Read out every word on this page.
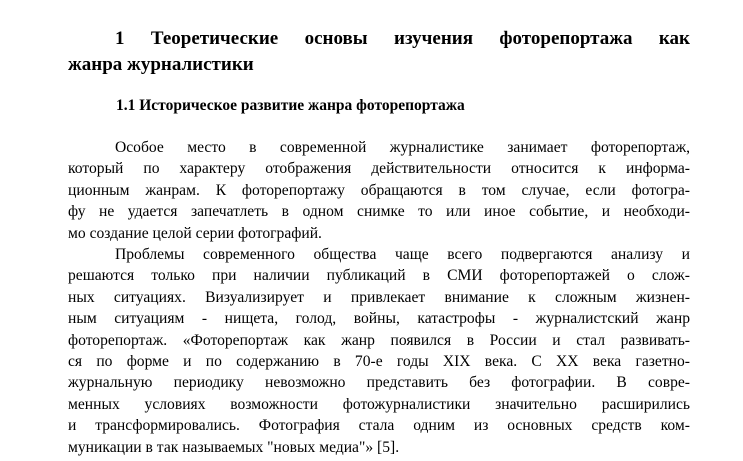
1 Теоретические основы изучения фоторепортажа как
жанра журналистики
1.1 Историческое развитие жанра фоторепортажа
Особое место в современной журналистике занимает фоторепортаж,
который по характеру отображения действительности относится к информа-
ционным жанрам. К фоторепортажу обращаются в том случае, если фотогра-
фу не удается запечатлеть в одном снимке то или иное событие, и необходи-
мо создание целой серии фотографий.
Проблемы современного общества чаще всего подвергаются анализу и
решаются только при наличии публикаций в СМИ фоторепортажей о слож-
ных ситуациях. Визуализирует и привлекает внимание к сложным жизнен-
ным ситуациям - нищета, голод, войны, катастрофы - журналистский жанр
фоторепортаж. «Фоторепортаж как жанр появился в России и стал развивать-
ся по форме и по содержанию в 70-е годы XIX века. С XX века газетно-
журнальную периодику невозможно представить без фотографии. В совре-
менных условиях возможности фотожурналистики значительно расширились
и трансформировались. Фотография стала одним из основных средств ком-
муникации в так называемых "новых медиа"» [5].
